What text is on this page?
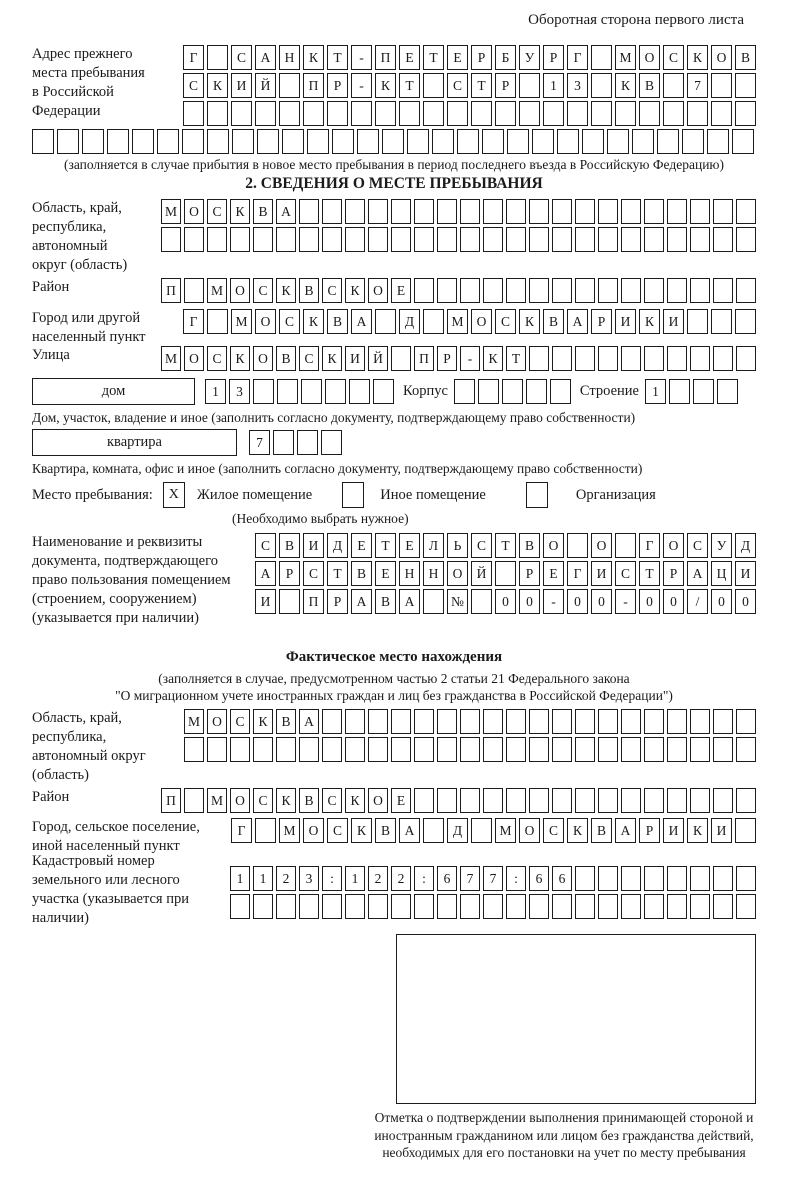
Оборотная сторона первого листа
Адрес прежнего места пребывания в Российской Федерации
Г	С	А	Н	К	Т	-	П	Е	Т	Е	Р	Б	У	Р	Г	М О	С	К	О	В
С	К	И	Й	П	Р	-	К	Т	С	Т	Р	1	3	К	В	7
(заполняется в случае прибытия в новое место пребывания в период последнего въезда в Российскую Федерацию)
2. СВЕДЕНИЯ О МЕСТЕ ПРЕБЫВАНИЯ
Область, край, республика, автономный округ (область)
М О	С	К	В	А
Район	П	М О	С	К	В	С	К	О	Е
Город или другой населенный пункт
Г	М О	С	К	В	А	Д	М О	С	К	В	А	Р	И	К	И
Улица	М О	С	К	О	В	С	К	И Й	П	Р	-	К	Т
дом	1	3	Корпус	Строение 1
Дом, участок, владение и иное (заполнить согласно документу, подтверждающему право собственности)
квартира	7
Квартира, комната, офис и иное (заполнить согласно документу, подтверждающему право собственности)
Место пребывания:	X	Жилое помещение	Иное помещение	Организация
(Необходимо выбрать нужное)
Наименование и реквизиты документа, подтверждающего право пользования помещением (строением, сооружением) (указывается при наличии)
С	В	И	Д	Е	Т	Е	Л	Ь	С	Т	В	О	О	Г	О	С	У	Д
А	Р	С	Т	В	Е	Н	Н	О	Й	Р	Е	Г	И	С	Т	Р	А	Ц	И
И	П	Р	А	В	А	№	0	0	-	0	0	-	0	0	/	0	0
Фактическое место нахождения
(заполняется в случае, предусмотренном частью 2 статьи 21 Федерального закона
"О миграционном учете иностранных граждан и лиц без гражданства в Российской Федерации")
Область, край, республика, автономный округ (область)
М О	С	К	В	А
Район	П	М О	С	К	В	С	К	О	Е
Город, сельское поселение, иной населенный пункт
Г	М О	С	К	В	А	Д	М О	С	К	В	А	Р	И	К	И
Кадастровый номер земельного или лесного участка (указывается при наличии)
1	1	2	3	:	1	2	2	:	6	7	7	:	6	6
Отметка о подтверждении выполнения принимающей стороной и иностранным гражданином или лицом без гражданства действий, необходимых для его постановки на учет по месту пребывания
